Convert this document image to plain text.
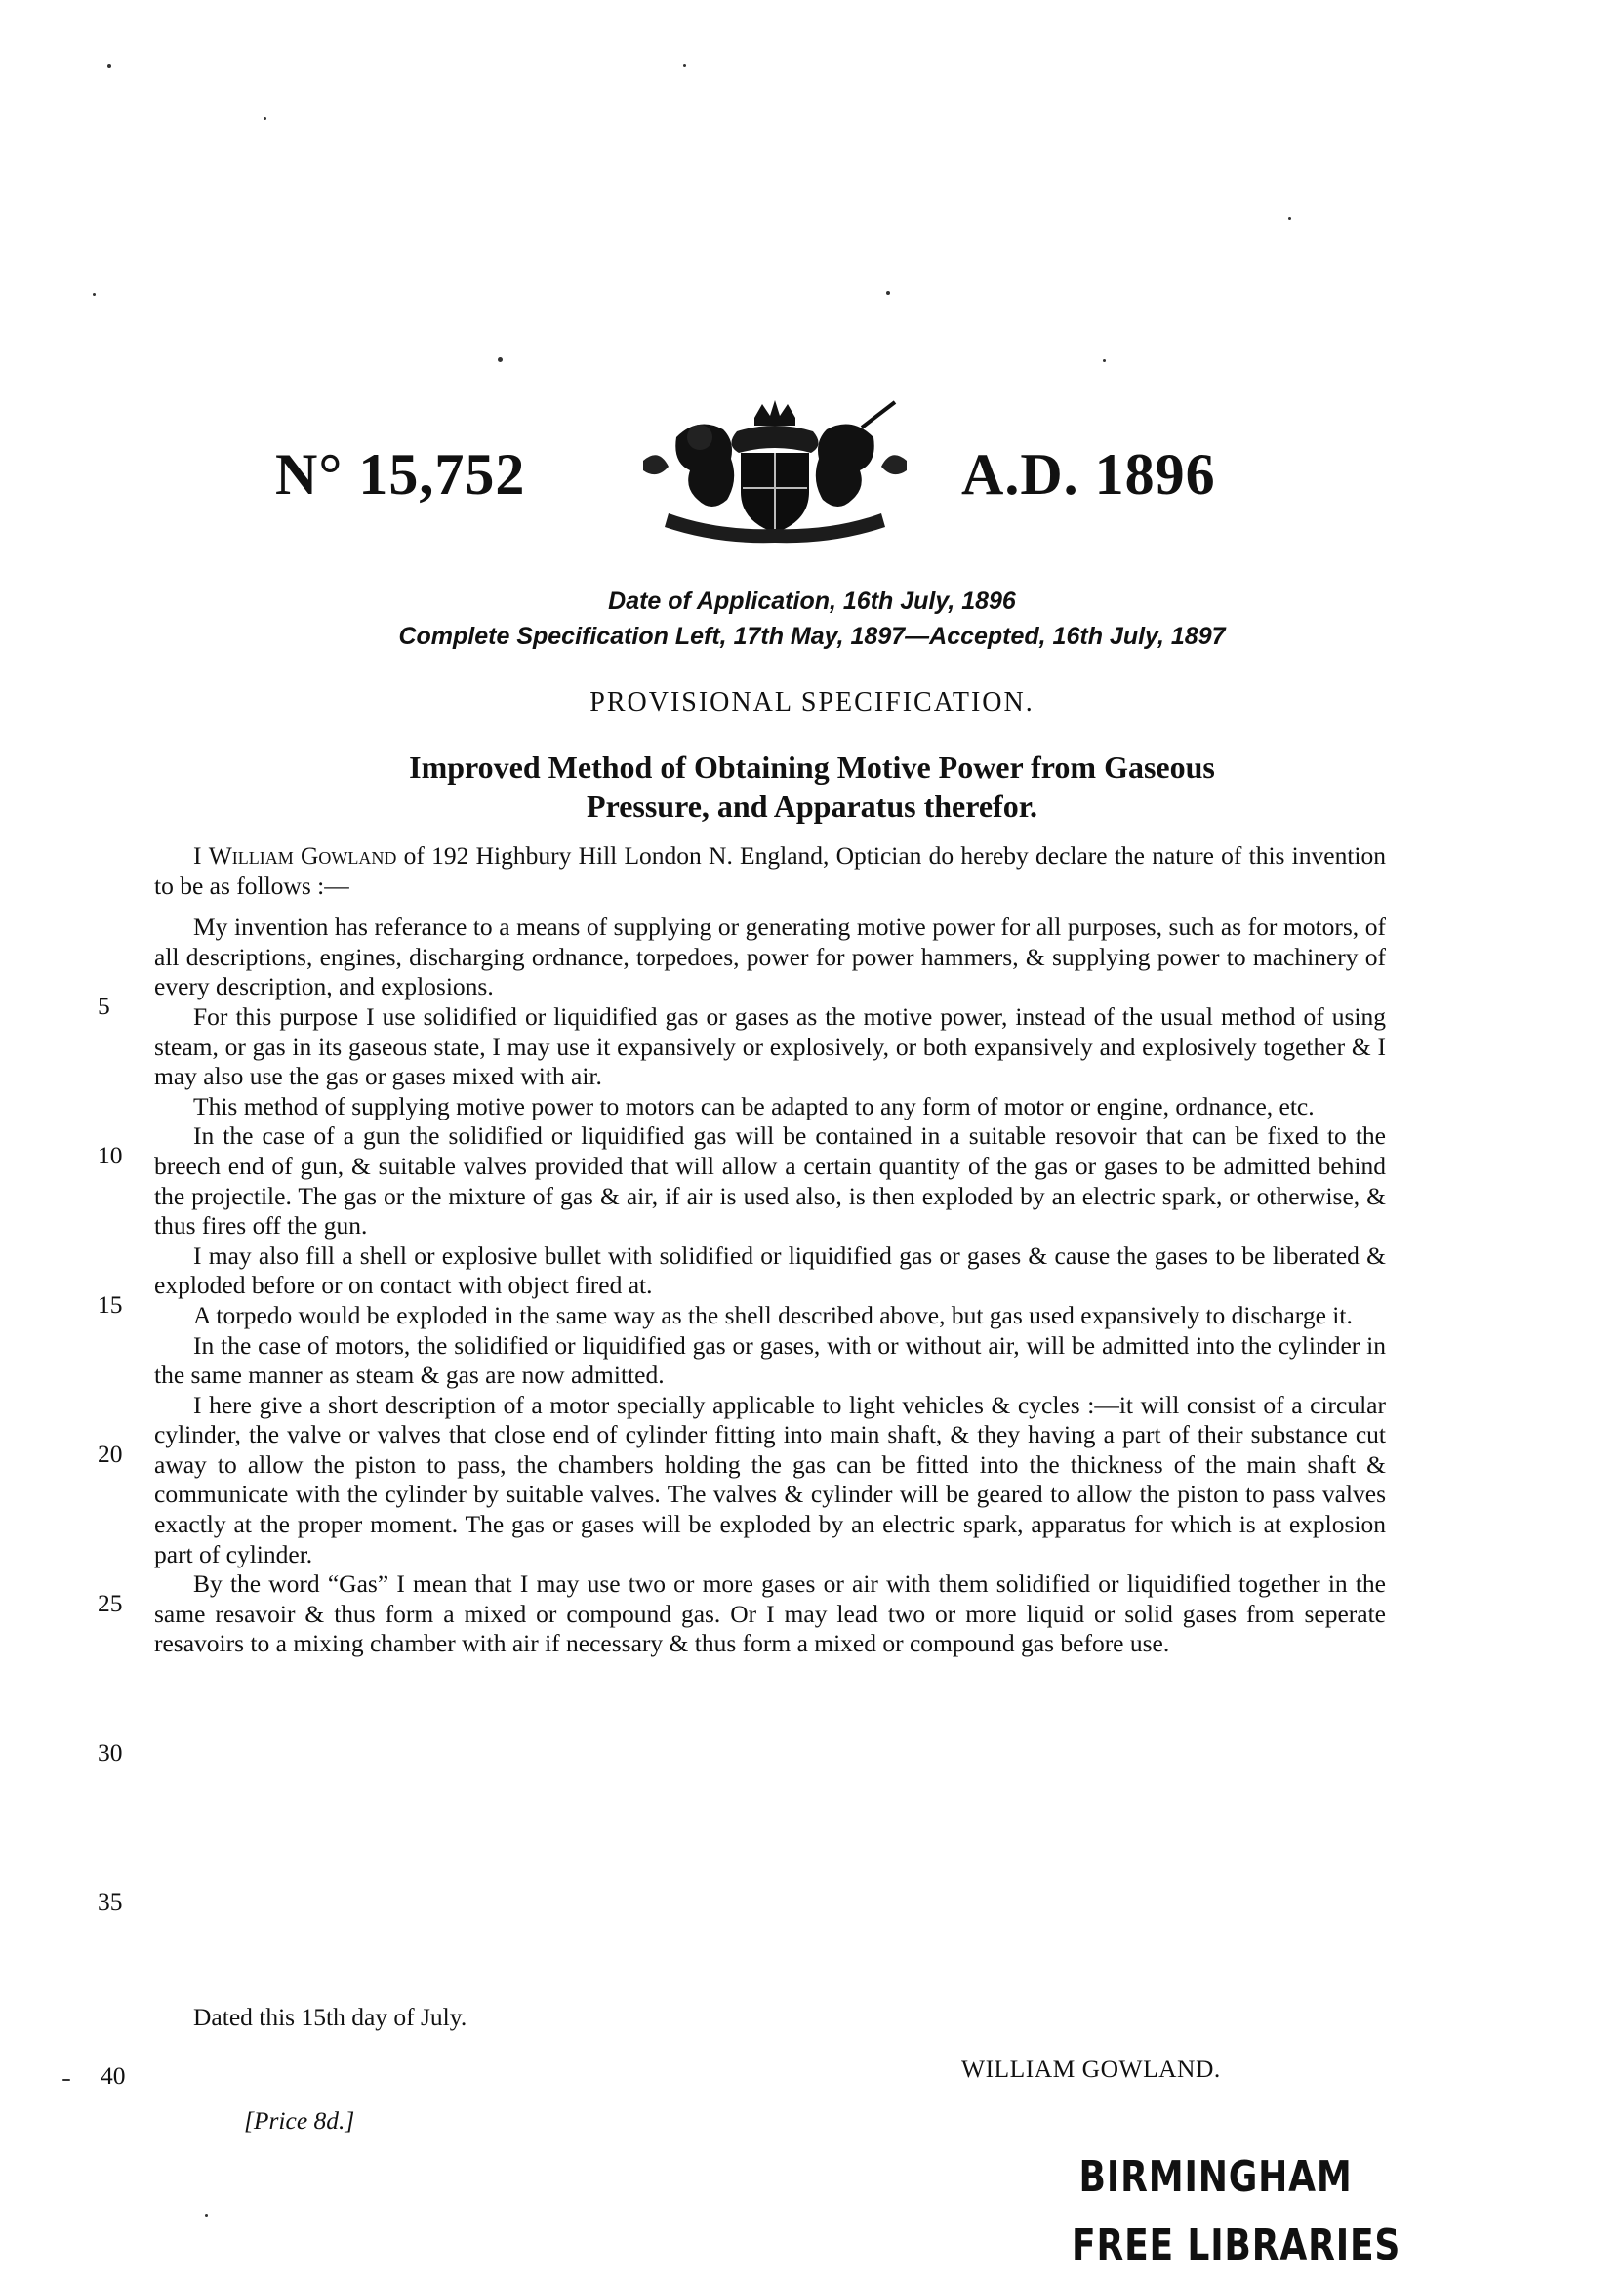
N° 15,752	A.D. 1896
Date of Application, 16th July, 1896
Complete Specification Left, 17th May, 1897—Accepted, 16th July, 1897
PROVISIONAL SPECIFICATION.
Improved Method of Obtaining Motive Power from Gaseous
Pressure, and Apparatus therefor.
5
10
15
20
25
30
35

I William Gowland of 192 Highbury Hill London N. England, Optician do hereby declare the nature of this invention to be as follows :—

My invention has referance to a means of supplying or generating motive power for all purposes, such as for motors, of all descriptions, engines, discharging ordnance, torpedoes, power for power hammers, & supplying power to machinery of every description, and explosions.

For this purpose I use solidified or liquidified gas or gases as the motive power, instead of the usual method of using steam, or gas in its gaseous state, I may use it expansively or explosively, or both expansively and explosively together & I may also use the gas or gases mixed with air.

This method of supplying motive power to motors can be adapted to any form of motor or engine, ordnance, etc.

In the case of a gun the solidified or liquidified gas will be contained in a suitable resovoir that can be fixed to the breech end of gun, & suitable valves provided that will allow a certain quantity of the gas or gases to be admitted behind the projectile. The gas or the mixture of gas & air, if air is used also, is then exploded by an electric spark, or otherwise, & thus fires off the gun.

I may also fill a shell or explosive bullet with solidified or liquidified gas or gases & cause the gases to be liberated & exploded before or on contact with object fired at.

A torpedo would be exploded in the same way as the shell described above, but gas used expansively to discharge it.

In the case of motors, the solidified or liquidified gas or gases, with or without air, will be admitted into the cylinder in the same manner as steam & gas are now admitted.

I here give a short description of a motor specially applicable to light vehicles & cycles :—it will consist of a circular cylinder, the valve or valves that close end of cylinder fitting into main shaft, & they having a part of their substance cut away to allow the piston to pass, the chambers holding the gas can be fitted into the thickness of the main shaft & communicate with the cylinder by suitable valves. The valves & cylinder will be geared to allow the piston to pass valves exactly at the proper moment. The gas or gases will be exploded by an electric spark, apparatus for which is at explosion part of cylinder.

By the word “Gas” I mean that I may use two or more gases or air with them solidified or liquidified together in the same resavoir & thus form a mixed or compound gas. Or I may lead two or more liquid or solid gases from seperate resavoirs to a mixing chamber with air if necessary & thus form a mixed or compound gas before use.

Dated this 15th day of July.
40	WILLIAM GOWLAND.
[Price 8d.]
BIRMINGHAM
FREE LIBRARIES
